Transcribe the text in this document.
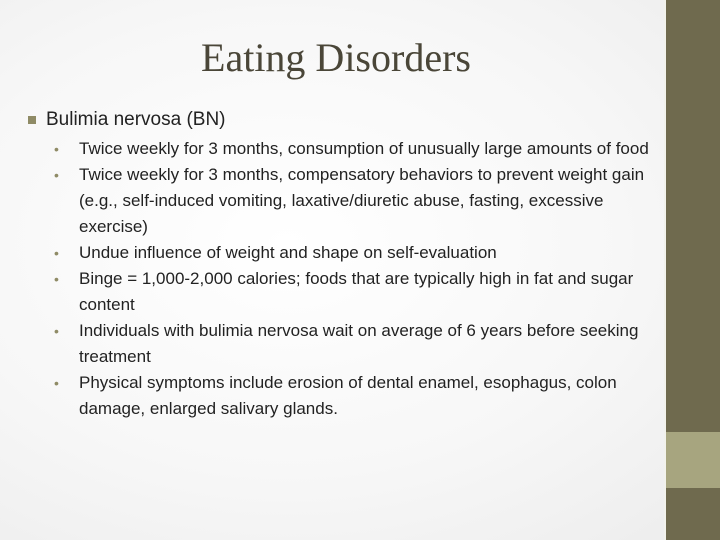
Eating Disorders
Bulimia nervosa (BN)
•	Twice weekly for 3 months, consumption of unusually large amounts of food
•	Twice weekly for 3 months, compensatory behaviors to prevent weight gain (e.g., self-induced vomiting, laxative/diuretic abuse, fasting, excessive exercise)
•	Undue influence of weight and shape on self-evaluation
•	Binge = 1,000-2,000 calories; foods that are typically high in fat and sugar content
•	Individuals with bulimia nervosa wait on average of 6 years before seeking treatment
•	Physical symptoms include erosion of dental enamel, esophagus, colon damage, enlarged salivary glands.
